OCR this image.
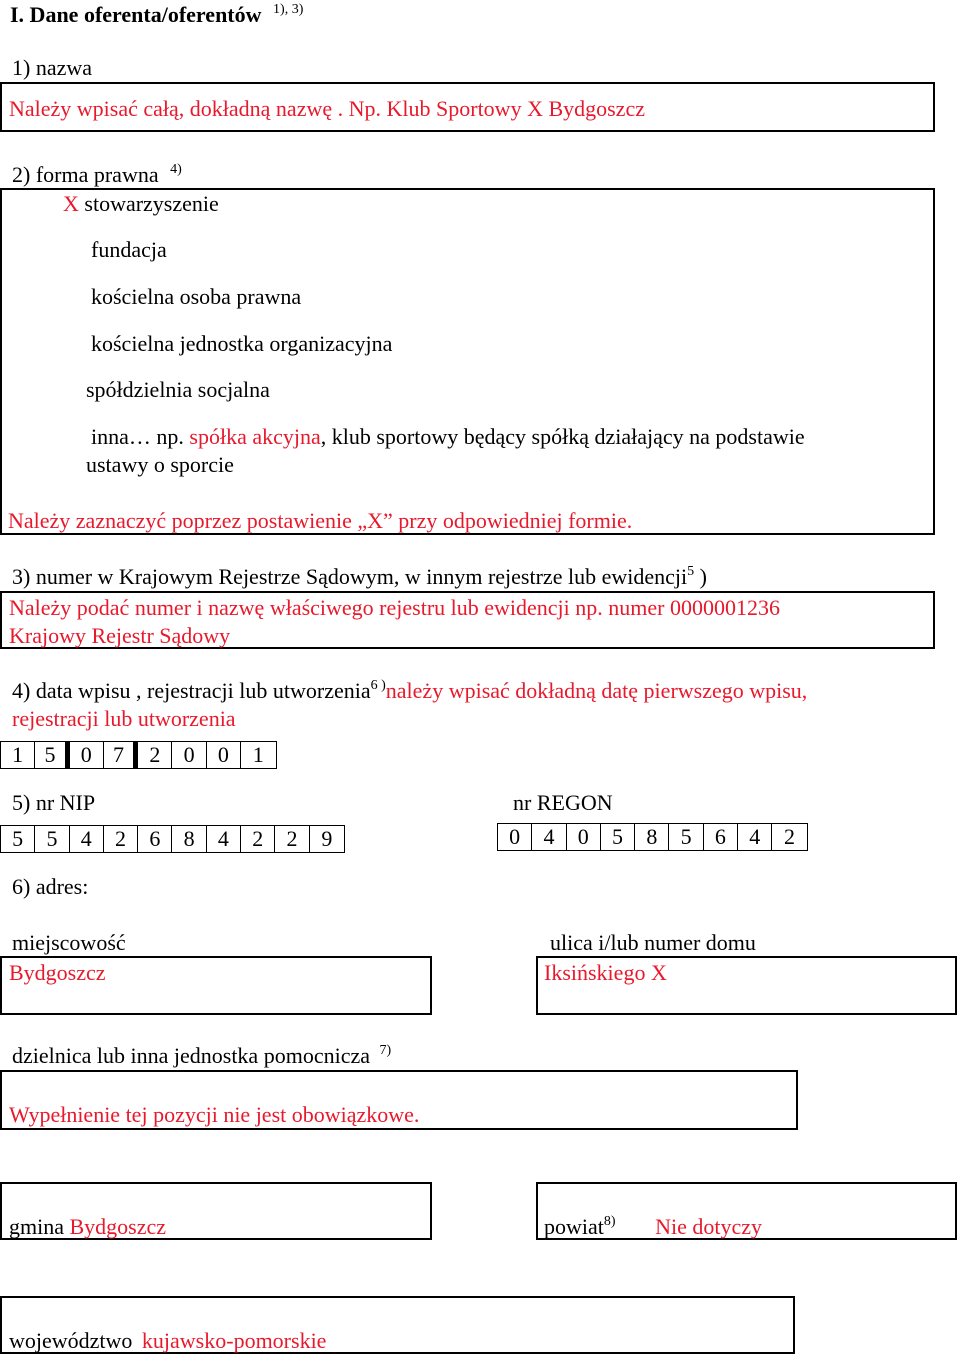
I. Dane oferenta/oferentów $^{1), 3)}$
1) nazwa
Należy wpisać całą, dokładną nazwę . Np. Klub Sportowy X Bydgoszcz
2) forma prawna $^{4)}$
X stowarzyszenie
fundacja
kościelna osoba prawna
kościelna jednostka organizacyjna
spółdzielnia socjalna
inna… np. spółka akcyjna, klub sportowy będący spółką działający na podstawie
ustawy o sporcie
Należy zaznaczyć poprzez postawienie „X” przy odpowiedniej formie.
3) numer w Krajowym Rejestrze Sądowym, w innym rejestrze lub ewidencji$^5$ )
Należy podać numer i nazwę właściwego rejestru lub ewidencji np. numer 0000001236
Krajowy Rejestr Sądowy
4) data wpisu , rejestracji lub utworzenia$^{6 )}$należy wpisać dokładną datę pierwszego wpisu,
rejestracji lub utworzenia
1 5	0 7	2	0	0	1
5) nr NIP	nr REGON
5	5	4	2	6	8	4	2	2	9	0	4	0	5	8	5	6	4	2
6) adres:
miejscowość	ulica i/lub numer domu
Bydgoszcz	Iksińskiego X
dzielnica lub inna jednostka pomocnicza $^{7)}$
Wypełnienie tej pozycji nie jest obowiązkowe.
gmina Bydgoszcz	powiat$^{8)}$ Nie dotyczy
województwo kujawsko-pomorskie
